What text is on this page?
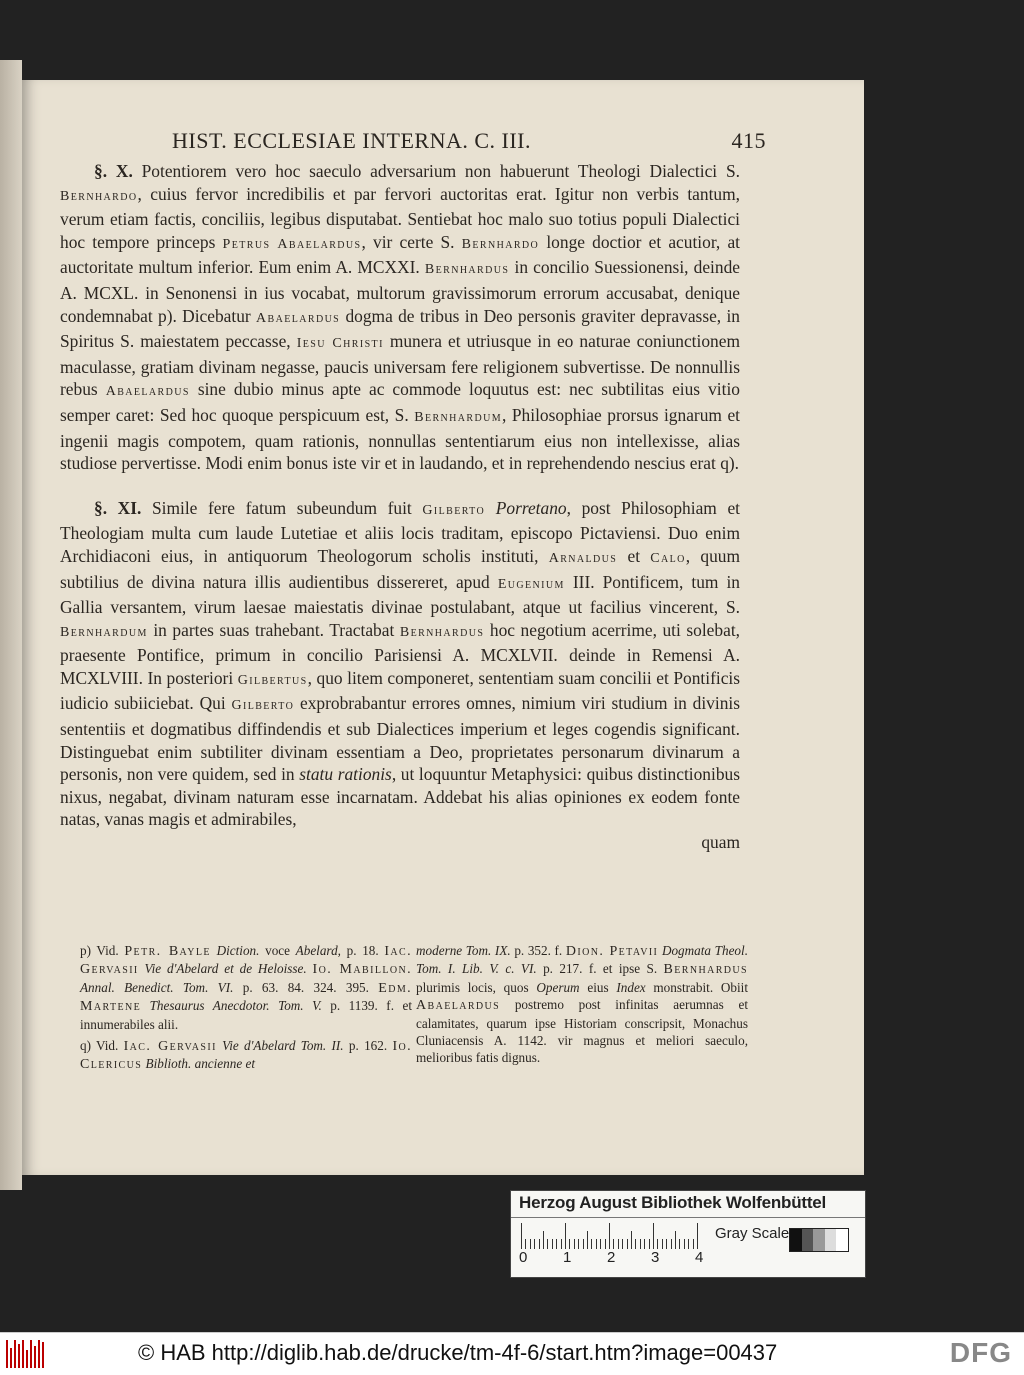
HIST. ECCLESIAE INTERNA. C. III.	415

§. X. Potentiorem vero hoc saeculo adversarium non habuerunt Theologi Dialectici S. Bernhardo, cuius fervor incredibilis et par fervori auctoritas erat. Igitur non verbis tantum, verum etiam factis, conciliis, legibus disputabat. Sentiebat hoc malo suo totius populi Dialectici hoc tempore princeps Petrus Abaelardus, vir certe S. Bernhardo longe doctior et acutior, at auctoritate multum inferior. Eum enim A. MCXXI. Bernhardus in concilio Suessionensi, deinde A. MCXL. in Senonensi in ius vocabat, multorum gravissimorum errorum accusabat, denique condemnabat p). Dicebatur Abaelardus dogma de tribus in Deo personis graviter depravasse, in Spiritus S. maiestatem peccasse, Iesu Christi munera et utriusque in eo naturae coniunctionem maculasse, gratiam divinam negasse, paucis universam fere religionem subvertisse. De nonnullis rebus Abaelardus sine dubio minus apte ac commode loquutus est: nec subtilitas eius vitio semper caret: Sed hoc quoque perspicuum est, S. Bernhardum, Philosophiae prorsus ignarum et ingenii magis compotem, quam rationis, nonnullas sententiarum eius non intellexisse, alias studiose pervertisse. Modi enim bonus iste vir et in laudando, et in reprehendendo nescius erat q).

§. XI. Simile fere fatum subeundum fuit Gilberto Porretano, post Philosophiam et Theologiam multa cum laude Lutetiae et aliis locis traditam, episcopo Pictaviensi. Duo enim Archidiaconi eius, in antiquorum Theologorum scholis instituti, Arnaldus et Calo, quum subtilius de divina natura illis audientibus dissereret, apud Eugenium III. Pontificem, tum in Gallia versantem, virum laesae maiestatis divinae postulabant, atque ut facilius vincerent, S. Bernhardum in partes suas trahebant. Tractabat Bernhardus hoc negotium acerrime, uti solebat, praesente Pontifice, primum in concilio Parisiensi A. MCXLVII. deinde in Remensi A. MCXLVIII. In posteriori Gilbertus, quo litem componeret, sententiam suam concilii et Pontificis iudicio subiiciebat. Qui Gilberto exprobrabantur errores omnes, nimium viri studium in divinis sententiis et dogmatibus diffindendis et sub Dialectices imperium et leges cogendis significant. Distinguebat enim subtiliter divinam essentiam a Deo, proprietates personarum divinarum a personis, non vere quidem, sed in statu rationis, ut loquuntur Metaphysici: quibus distinctionibus nixus, negabat, divinam naturam esse incarnatam. Addebat his alias opiniones ex eodem fonte natas, vanas magis et admirabiles,

quam

p) Vid. Petr. Bayle Diction. voce Abelard, p. 18. Iac. Gervasii Vie d'Abelard et de Heloisse. Io. Mabillon. Annal. Benedict. Tom. VI. p. 63. 84. 324. 395. Edm. Martene Thesaurus Anecdotor. Tom. V. p. 1139. f. et innumerabiles alii.

q) Vid. Iac. Gervasii Vie d'Abelard Tom. II. p. 162. Io. Clericus Biblioth. ancienne et

moderne Tom. IX. p. 352. f. Dion. Petavii Dogmata Theol. Tom. I. Lib. V. c. VI. p. 217. f. et ipse S. Bernhardus plurimis locis, quos Operum eius Index monstrabit. Obiit Abaelardus postremo post infinitas aerumnas et calamitates, quarum ipse Historiam conscripsit, Monachus Cluniacensis A. 1142. vir magnus et meliori saeculo, melioribus fatis dignus.

Herzog August Bibliothek Wolfenbüttel
0 1 2 3 4
Gray Scale
© HAB http://diglib.hab.de/drucke/tm-4f-6/start.htm?image=00437	DFG
